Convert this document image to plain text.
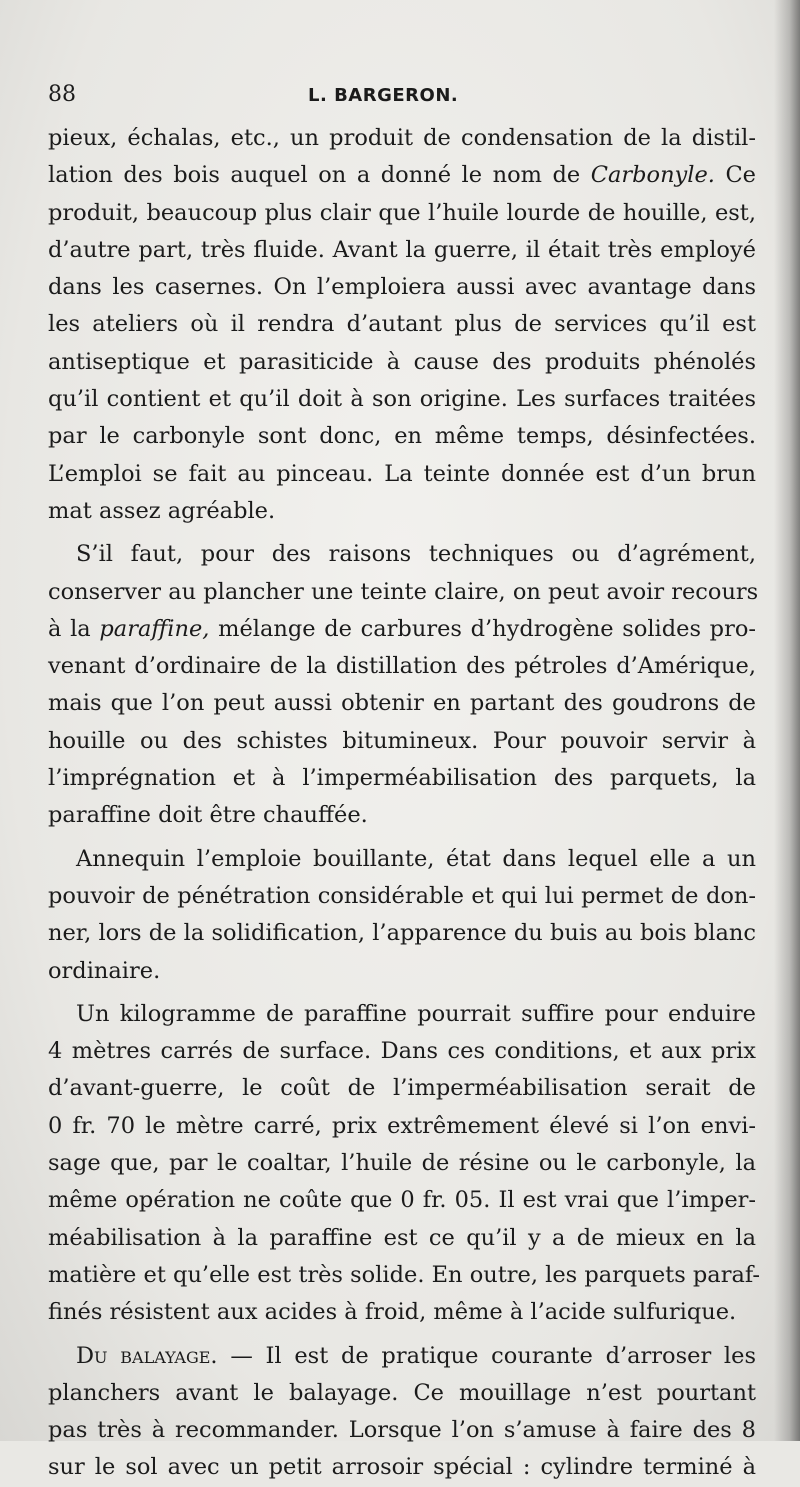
88	L. BARGERON.
pieux, échalas, etc., un produit de condensation de la distil-
lation des bois auquel on a donné le nom de Carbonyle. Ce
produit, beaucoup plus clair que l’huile lourde de houille, est,
d’autre part, très fluide. Avant la guerre, il était très employé
dans les casernes. On l’emploiera aussi avec avantage dans
les ateliers où il rendra d’autant plus de services qu’il est
antiseptique et parasiticide à cause des produits phénolés
qu’il contient et qu’il doit à son origine. Les surfaces traitées
par le carbonyle sont donc, en même temps, désinfectées.
L’emploi se fait au pinceau. La teinte donnée est d’un brun
mat assez agréable.
S’il faut, pour des raisons techniques ou d’agrément,
conserver au plancher une teinte claire, on peut avoir recours
à la paraffine, mélange de carbures d’hydrogène solides pro-
venant d’ordinaire de la distillation des pétroles d’Amérique,
mais que l’on peut aussi obtenir en partant des goudrons de
houille ou des schistes bitumineux. Pour pouvoir servir à
l’imprégnation et à l’imperméabilisation des parquets, la
paraffine doit être chauffée.
Annequin l’emploie bouillante, état dans lequel elle a un
pouvoir de pénétration considérable et qui lui permet de don-
ner, lors de la solidification, l’apparence du buis au bois blanc
ordinaire.
Un kilogramme de paraffine pourrait suffire pour enduire
4 mètres carrés de surface. Dans ces conditions, et aux prix
d’avant-guerre, le coût de l’imperméabilisation serait de
0 fr. 70 le mètre carré, prix extrêmement élevé si l’on envi-
sage que, par le coaltar, l’huile de résine ou le carbonyle, la
même opération ne coûte que 0 fr. 05. Il est vrai que l’imper-
méabilisation à la paraffine est ce qu’il y a de mieux en la
matière et qu’elle est très solide. En outre, les parquets paraf-
finés résistent aux acides à froid, même à l’acide sulfurique.
Du balayage. — Il est de pratique courante d’arroser les
planchers avant le balayage. Ce mouillage n’est pourtant
pas très à recommander. Lorsque l’on s’amuse à faire des 8
sur le sol avec un petit arrosoir spécial : cylindre terminé à
